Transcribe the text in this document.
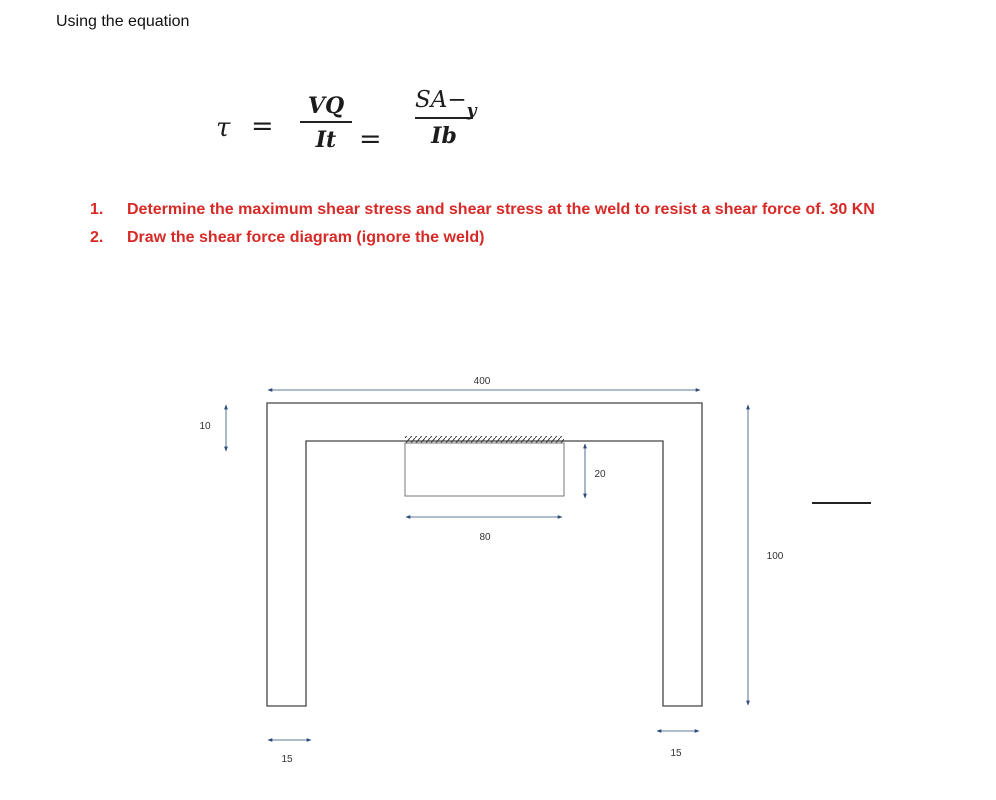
Using the equation
τ =
VQ
It =
$SA-_y$
Ib
1. Determine the maximum shear stress and shear stress at the weld to resist a shear force of. 30 KN
2. Draw the shear force diagram (ignore the weld)
400
10
80
20
100
15
15
